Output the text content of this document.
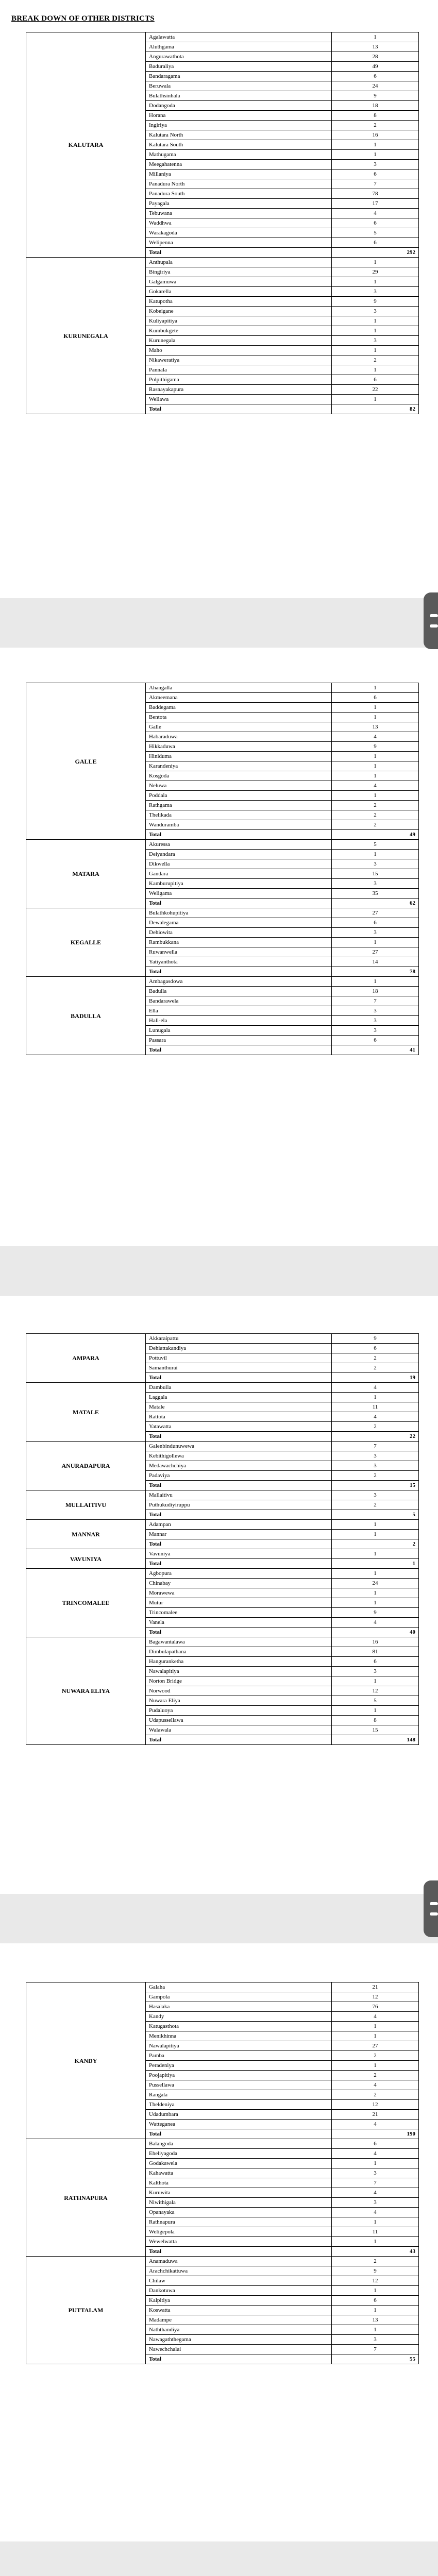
BREAK DOWN OF OTHER DISTRICTS
KALUTARA	Agalawatta	1
	Aluthgama	13
	Angurawathota	28
	Baduraliya	49
	Bandaragama	6
	Beruwala	24
	Bulathsinhala	9
	Dodangoda	18
	Horana	8
	Ingiriya	2
	Kalutara North	16
	Kalutara South	1
	Mathugama	1
	Meegahatenna	3
	Millaniya	6
	Panadura North	7
	Panadura South	78
	Payagala	17
	Tebuwana	4
	Waddhwa	6
	Warakagoda	5
	Welipenna	6
	Total	292
KURUNEGALA	Anthupala	1
	Bingiriya	29
	Galgamuwa	1
	Gokarella	3
	Katupotha	9
	Kobeigane	3
	Kuliyapitiya	1
	Kumbukgete	1
	Kurunegala	3
	Maho	1
	Nikaweratiya	2
	Pannala	1
	Polpithigama	6
	Rasnayakapura	22
	Wellawa	1
	Total	82
GALLE	Ahangalla	1
	Akmeemana	6
	Baddegama	1
	Bentota	1
	Galle	13
	Habaraduwa	4
	Hikkaduwa	9
	Hiniduma	1
	Karandeniya	1
	Kosgoda	1
	Neluwa	4
	Poddala	1
	Rathgama	2
	Thelikada	2
	Wanduramba	2
	Total	49
MATARA	Akuressa	5
	Deiyandara	1
	Dikwella	3
	Gandara	15
	Kamburupitiya	3
	Weligama	35
	Total	62
KEGALLE	Bulathkohupitiya	27
	Dewalegama	6
	Dehiowita	3
	Rambukkana	1
	Ruwanwella	27
	Yatiyanthota	14
	Total	78
BADULLA	Ambagasdowa	1
	Badulla	18
	Bandarawela	7
	Ella	3
	Hali-ela	3
	Lunugala	3
	Passara	6
	Total	41
AMPARA	Akkaraipattu	9
	Dehiattakandiya	6
	Pottuvil	2
	Samanthurai	2
	Total	19
MATALE	Dambulla	4
	Laggala	1
	Matale	11
	Rattota	4
	Yatawatta	2
	Total	22
ANURADAPURA	Galenbindunuwewa	7
	Kebithigollewa	3
	Medawachchiya	3
	Padaviya	2
	Total	15
MULLAITIVU	Mallaitivu	3
	Puthukudiyiruppu	2
	Total	5
MANNAR	Adampan	1
	Mannar	1
	Total	2
VAVUNIYA	Vavuniya	1
	Total	1
TRINCOMALEE	Agbopura	1
	Chinabay	24
	Morawewa	1
	Mutur	1
	Trincomalee	9
	Vanela	4
	Total	40
NUWARA ELIYA	Bagawantalawa	16
	Dimbulapathana	81
	Hanguranketha	6
	Nawalapitiya	3
	Norton Bridge	1
	Norwood	12
	Nuwara Eliya	5
	Pudaluoya	1
	Udapussellawa	8
	Walawala	15
	Total	148
KANDY	Galaha	21
	Gampola	12
	Hasalaka	76
	Kandy	4
	Katugasthota	1
	Menikhinna	1
	Nawalapitiya	27
	Pamba	2
	Peradeniya	1
	Poojapitiya	2
	Pussellawa	4
	Rangala	2
	Theldeniya	12
	Udadumbara	21
	Watteganea	4
	Total	190
RATHNAPURA	Balangoda	6
	Eheliyagoda	4
	Godakawela	1
	Kahawatta	3
	Kalthota	7
	Kuruwita	4
	Niwithigala	3
	Opanayaka	4
	Rathnapura	1
	Weligepola	11
	Wewelwatta	1
	Total	43
PUTTALAM	Anamaduwa	2
	Arachchikattuwa	9
	Chilaw	12
	Dankotuwa	1
	Kalpitiya	6
	Koswatta	1
	Madampe	13
	Naththandiya	1
	Nawagaththegama	3
	Nawechchalai	7
	Total	55
